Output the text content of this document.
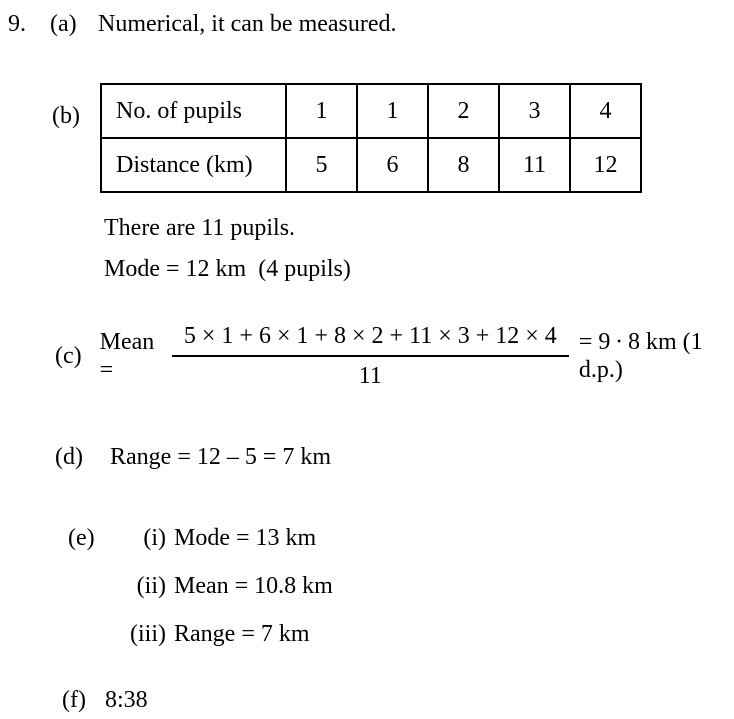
9.	(a) Numerical, it can be measured.
(b) No. of pupils	1	1	2	3	4
Distance (km)	5	6	8	11	12
There are 11 pupils.
Mode = 12 km  (4 pupils)
(c)
Mean =	$\frac{5 \times 1 + 6 \times 1 + 8 \times 2 + 11 \times 3 + 12 \times 4}{11} = 9 \cdot 8$ km (1 d.p.)
(d)	Range = 12 – 5 = 7 km
(e)	(i) Mode = 13 km
(ii) Mean = 10.8 km
(iii) Range = 7 km
(f) 8:38
